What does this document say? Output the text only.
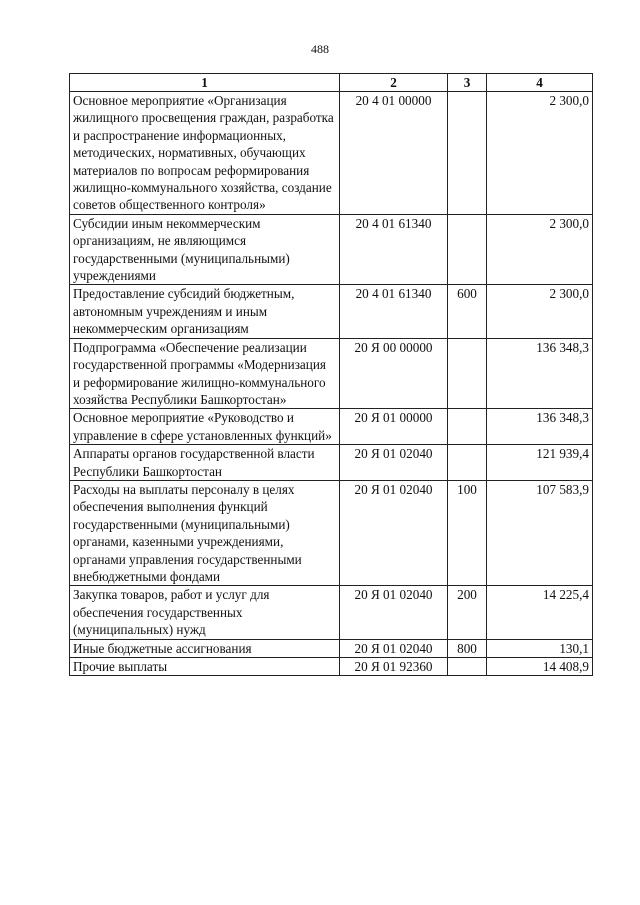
488
1	2	3	4
Основное мероприятие «Организация жилищного просвещения граждан, разработка и распространение информационных, методических, нормативных, обучающих материалов по вопросам реформирования жилищно-коммунального хозяйства, создание советов общественного контроля»	20 4 01 00000		2 300,0
Субсидии иным некоммерческим организациям, не являющимся государственными (муниципальными) учреждениями	20 4 01 61340		2 300,0
Предоставление субсидий бюджетным, автономным учреждениям и иным некоммерческим организациям	20 4 01 61340	600	2 300,0
Подпрограмма «Обеспечение реализации государственной программы «Модернизация и реформирование жилищно-коммунального хозяйства Республики Башкортостан»	20 Я 00 00000		136 348,3
Основное мероприятие «Руководство и управление в сфере установленных функций»	20 Я 01 00000		136 348,3
Аппараты органов государственной власти Республики Башкортостан	20 Я 01 02040		121 939,4
Расходы на выплаты персоналу в целях обеспечения выполнения функций государственными (муниципальными) органами, казенными учреждениями, органами управления государственными внебюджетными фондами	20 Я 01 02040	100	107 583,9
Закупка товаров, работ и услуг для обеспечения государственных (муниципальных) нужд	20 Я 01 02040	200	14 225,4
Иные бюджетные ассигнования	20 Я 01 02040	800	130,1
Прочие выплаты	20 Я 01 92360		14 408,9
